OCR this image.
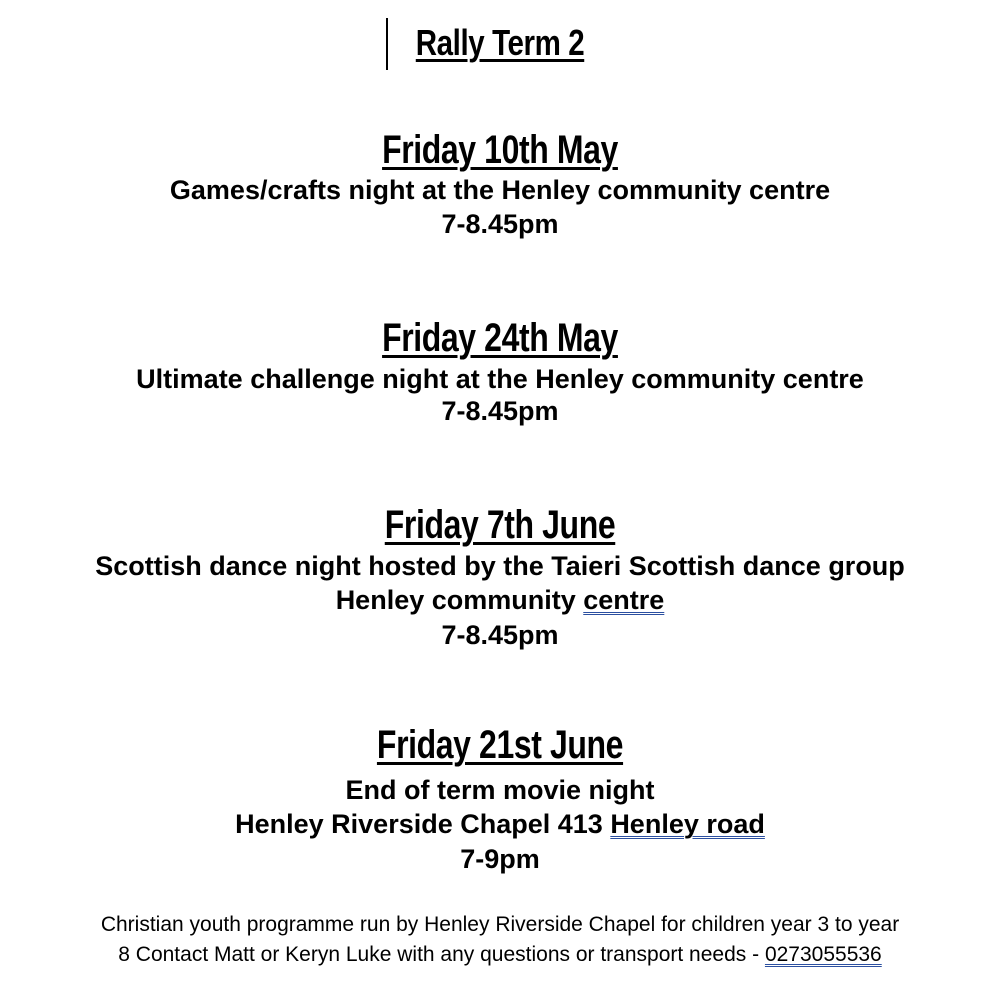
Rally Term 2
Friday 10th May
Games/crafts night at the Henley community centre
7-8.45pm
Friday 24th May
Ultimate challenge night at the Henley community centre
7-8.45pm
Friday 7th June
Scottish dance night hosted by the Taieri Scottish dance group
Henley community centre
7-8.45pm
Friday 21st June
End of term movie night
Henley Riverside Chapel 413 Henley road
7-9pm
Christian youth programme run by Henley Riverside Chapel for children year 3 to year
8 Contact Matt or Keryn Luke with any questions or transport needs - 0273055536
